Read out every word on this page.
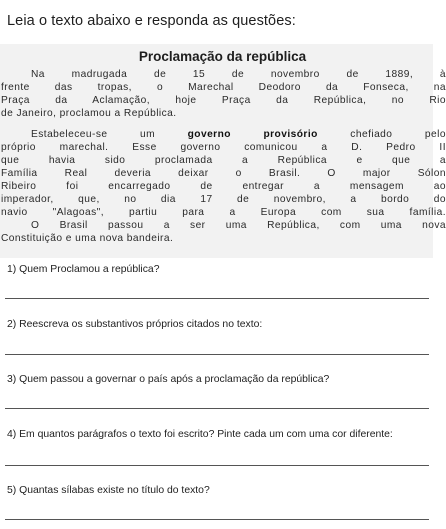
Leia o texto abaixo e responda as questões:
Proclamação da república
Na madrugada de 15 de novembro de 1889, à
frente das tropas, o Marechal Deodoro da Fonseca, na
Praça da Aclamação, hoje Praça da República, no Rio
de Janeiro, proclamou a República.
Estabeleceu-se um	governo provisório	chefiado pelo
próprio marechal. Esse governo comunicou a D. Pedro II
que havia sido proclamada a República e que a
Família Real deveria deixar o Brasil. O major Sólon
Ribeiro foi encarregado de entregar a mensagem ao
imperador, que, no dia 17 de novembro, a bordo do
navio "Alagoas", partiu para a Europa com sua família.
O Brasil passou a ser uma República, com uma nova
Constituição e uma nova bandeira.
1) Quem Proclamou a república?
2) Reescreva os substantivos próprios citados no texto:
3) Quem passou a governar o país após a proclamação da república?
4) Em quantos parágrafos o texto foi escrito? Pinte cada um com uma cor diferente:
5) Quantas sílabas existe no título do texto?
